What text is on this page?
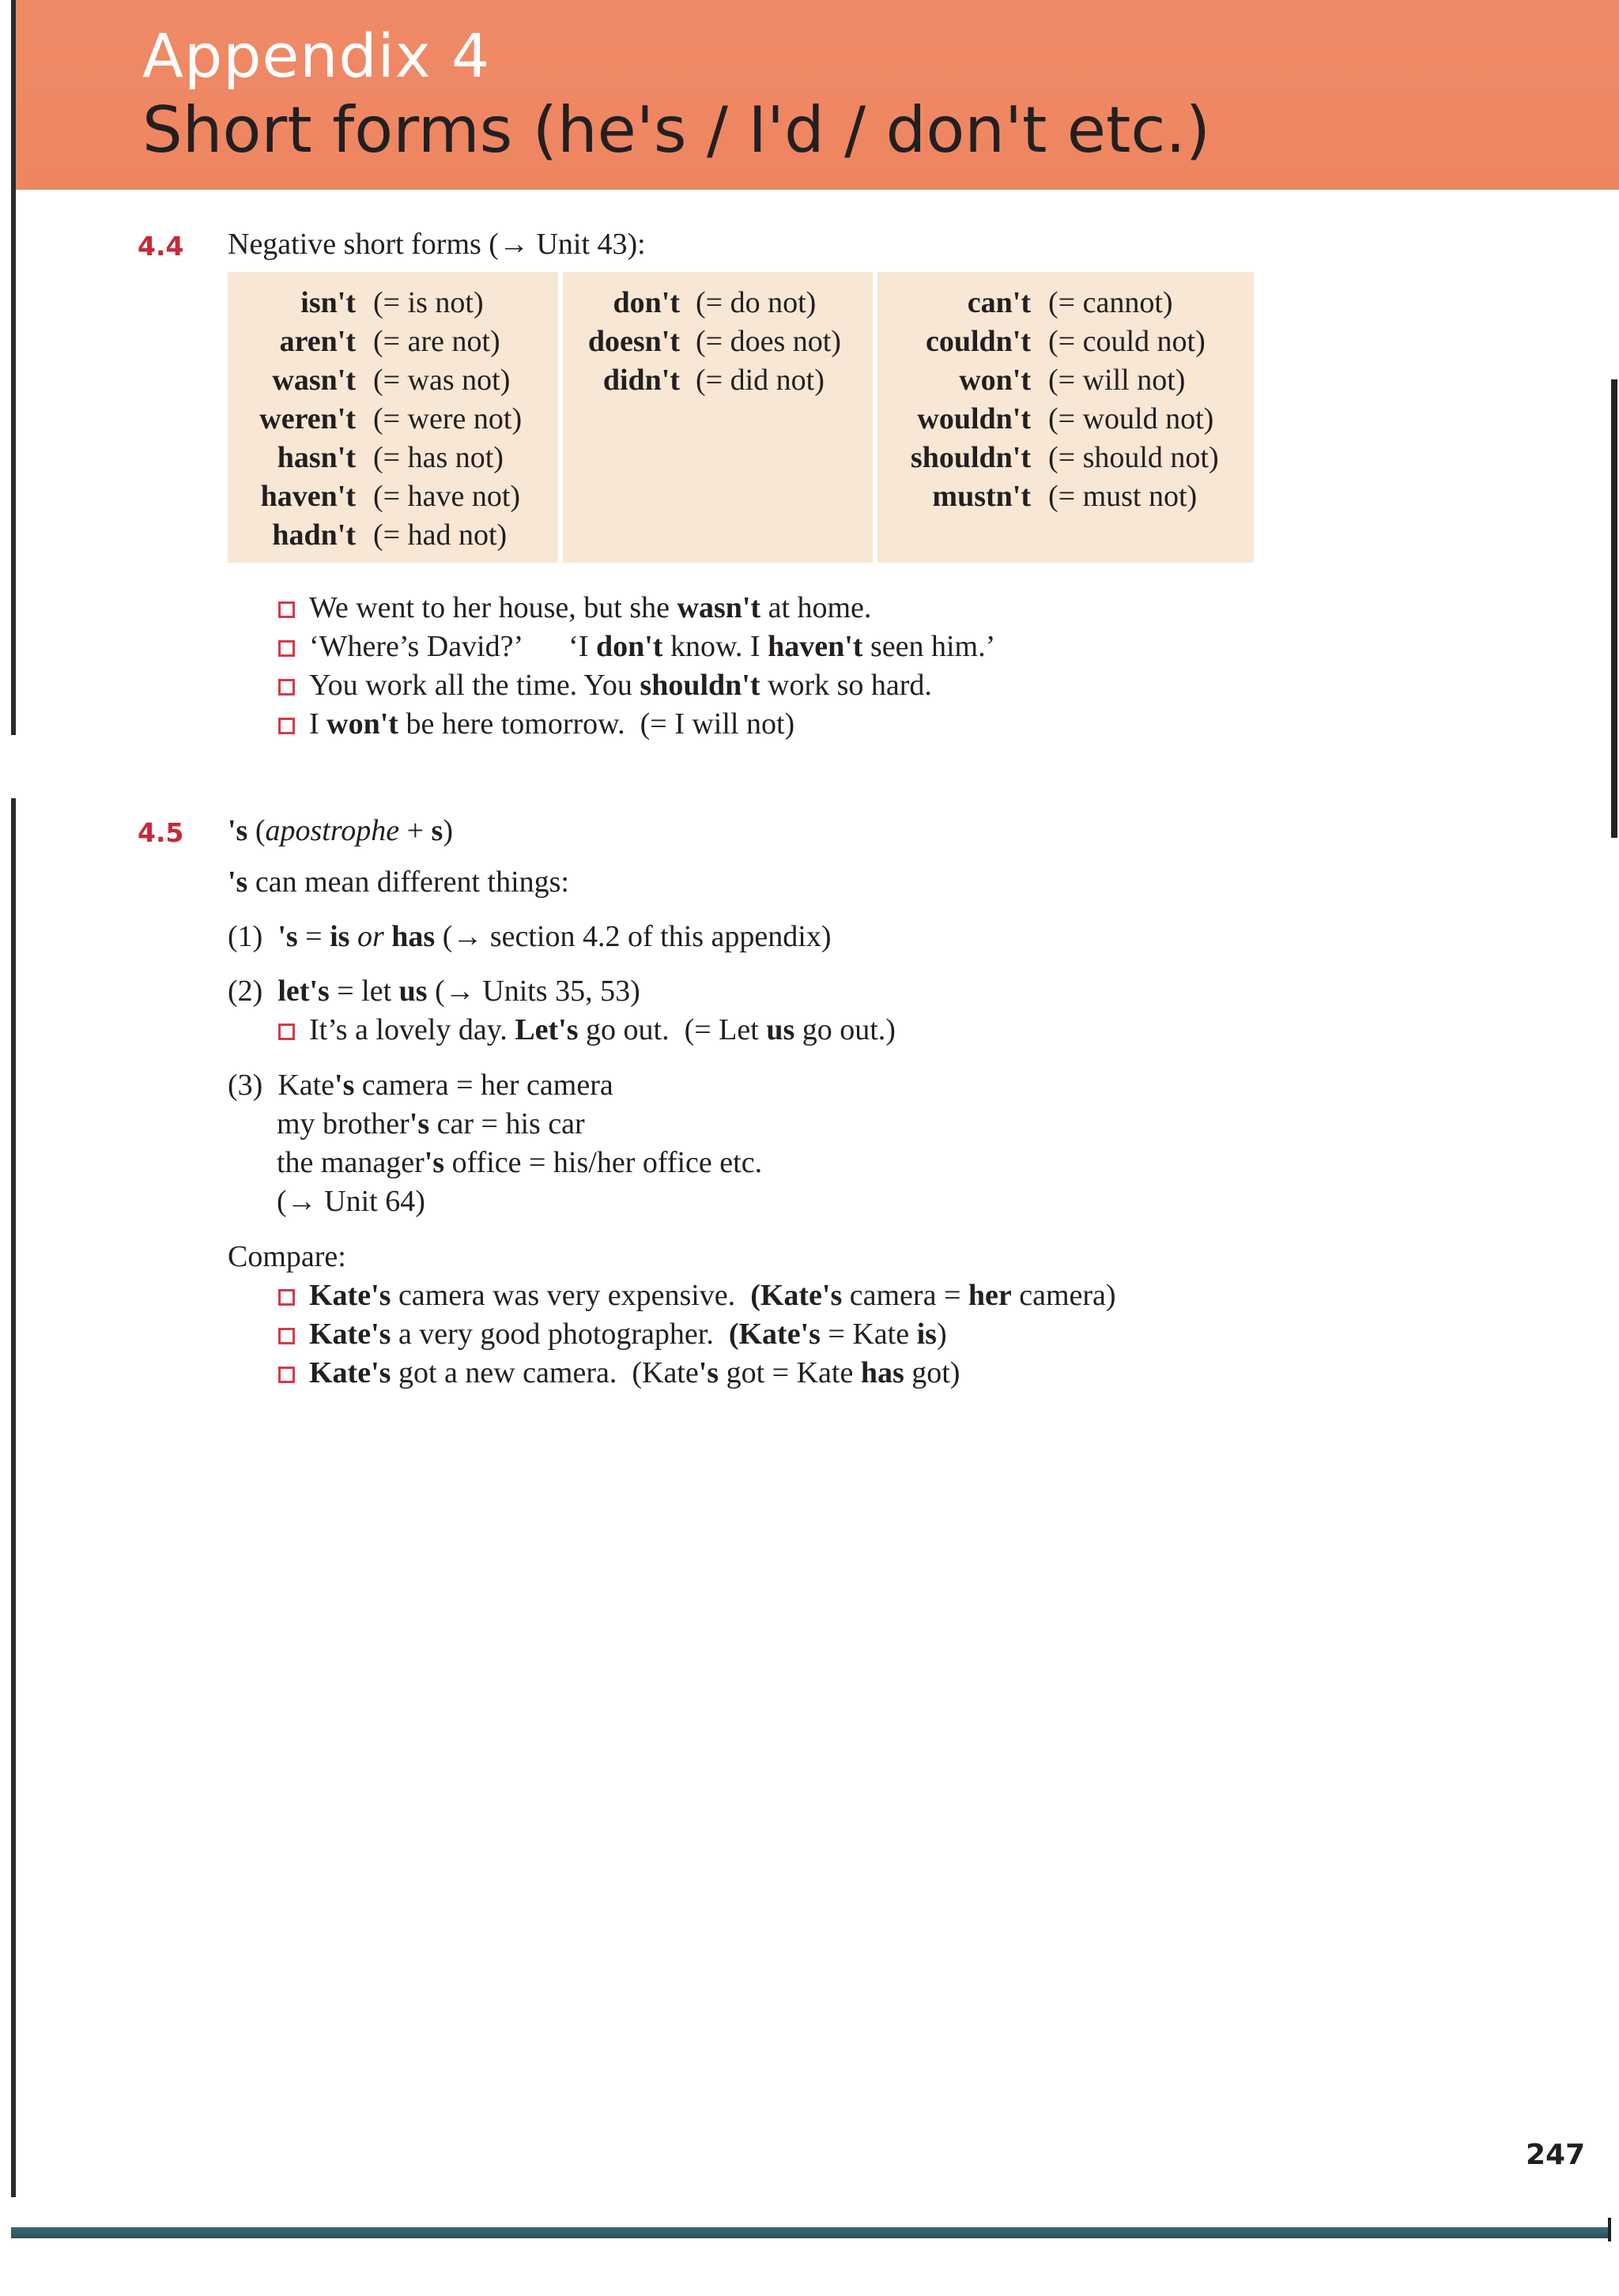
Appendix 4
Short forms (he's / I'd / don't etc.)
4.4 Negative short forms (→ Unit 43):
isn't (= is not)
aren't (= are not)
wasn't (= was not)
weren't (= were not)
hasn't (= has not)
haven't (= have not)
hadn't (= had not)
don't (= do not)
doesn't (= does not)
didn't (= did not)
can't (= cannot)
couldn't (= could not)
won't (= will not)
wouldn't (= would not)
shouldn't (= should not)
mustn't (= must not)
We went to her house, but she wasn't at home.
‘Where’s David?’      ‘I don't know. I haven't seen him.’
You work all the time. You shouldn't work so hard.
I won't be here tomorrow.  (= I will not)
4.5 's (apostrophe + s)
's can mean different things:
(1) 's = is or has (→ section 4.2 of this appendix)
(2) let's = let us (→ Units 35, 53)
It’s a lovely day. Let's go out.  (= Let us go out.)
(3) Kate's camera = her camera
my brother's car = his car
the manager's office = his/her office etc.
(→ Unit 64)
Compare:
Kate's camera was very expensive.  (Kate's camera = her camera)
Kate's a very good photographer.  (Kate's = Kate is)
Kate's got a new camera.  (Kate's got = Kate has got)
247
